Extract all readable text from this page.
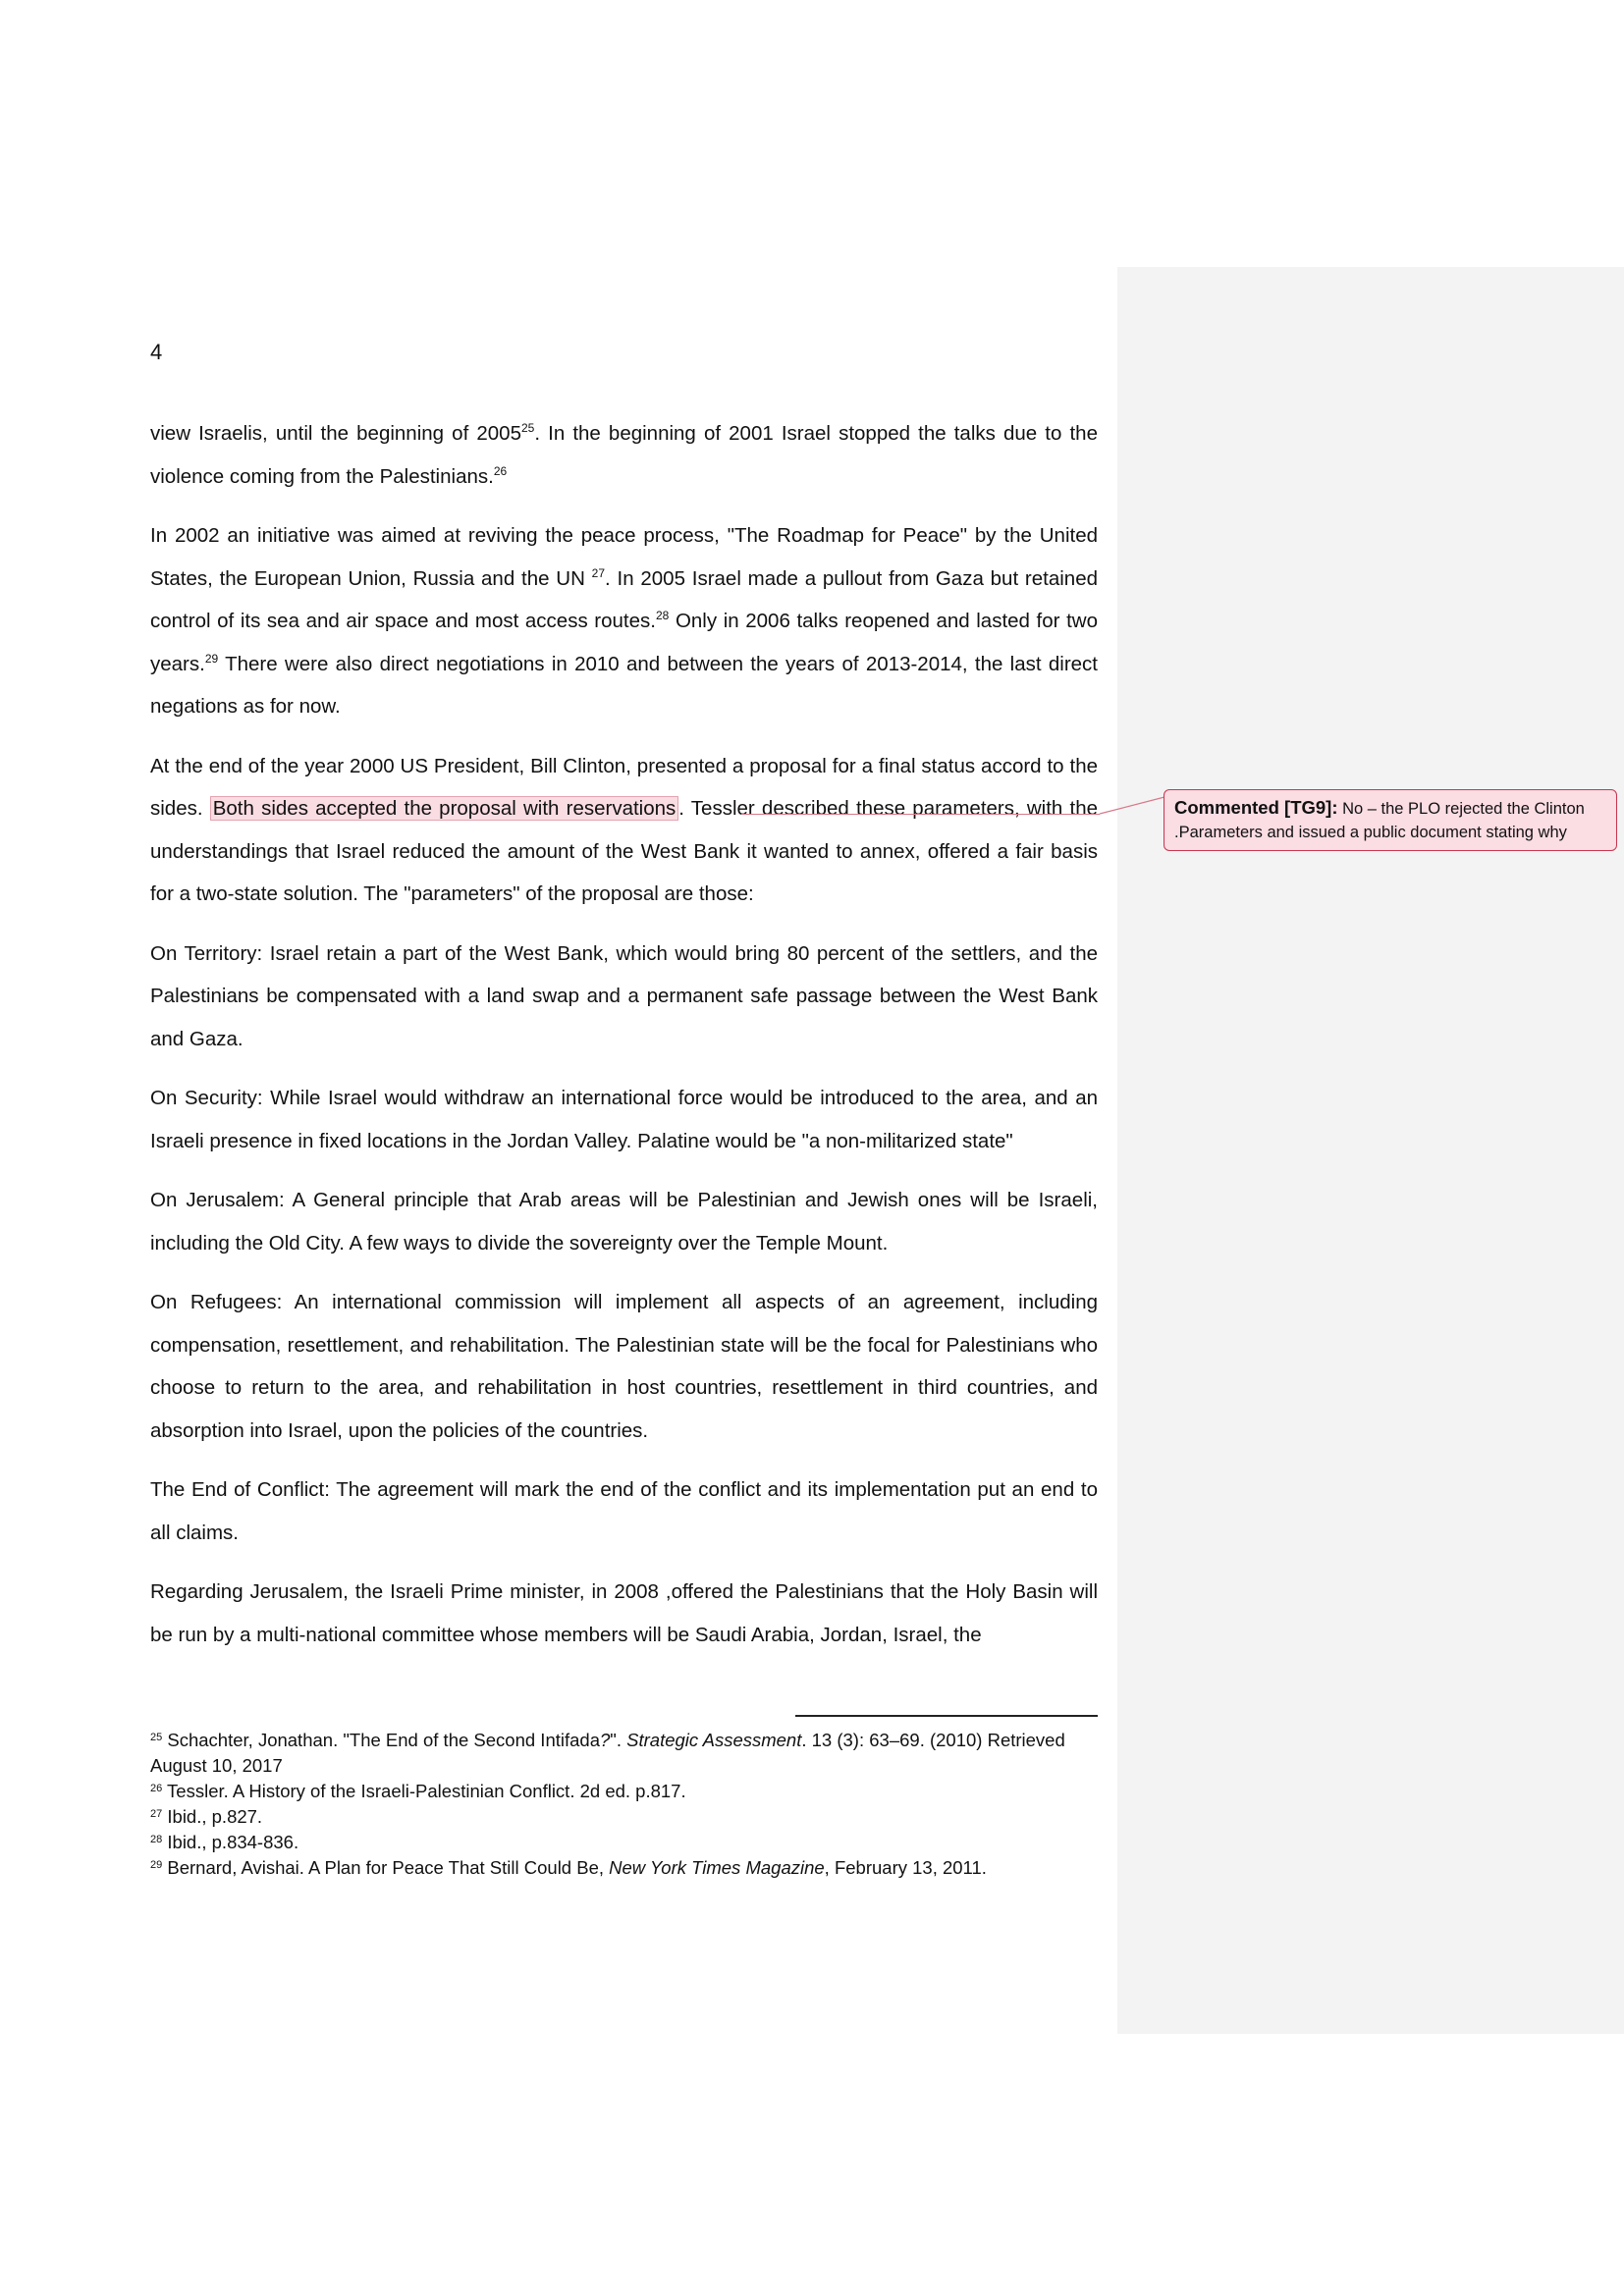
4

view Israelis, until the beginning of 2005$^{25}$. In the beginning of 2001 Israel stopped the talks due to the violence coming from the Palestinians.$^{26}$

In 2002 an initiative was aimed at reviving the peace process, "The Roadmap for Peace" by the United States, the European Union, Russia and the UN $^{27}$. In 2005 Israel made a pullout from Gaza but retained control of its sea and air space and most access routes.$^{28}$ Only in 2006 talks reopened and lasted for two years.$^{29}$ There were also direct negotiations in 2010 and between the years of 2013-2014, the last direct negations as for now.

At the end of the year 2000 US President, Bill Clinton, presented a proposal for a final status accord to the sides. Both sides accepted the proposal with reservations . Tessler described these parameters, with the understandings that Israel reduced the amount of the West Bank it wanted to annex, offered a fair basis for a two-state solution. The "parameters" of the proposal are those:

On Territory: Israel retain a part of the West Bank, which would bring 80 percent of the settlers, and the Palestinians be compensated with a land swap and a permanent safe passage between the West Bank and Gaza.

On Security: While Israel would withdraw an international force would be introduced to the area, and an Israeli presence in fixed locations in the Jordan Valley. Palatine would be "a non-militarized state"

On Jerusalem: A General principle that Arab areas will be Palestinian and Jewish ones will be Israeli, including the Old City. A few ways to divide the sovereignty over the Temple Mount.

On Refugees: An international commission will implement all aspects of an agreement, including compensation, resettlement, and rehabilitation. The Palestinian state will be the focal for Palestinians who choose to return to the area, and rehabilitation in host countries, resettlement in third countries, and absorption into Israel, upon the policies of the countries.

The End of Conflict: The agreement will mark the end of the conflict and its implementation put an end to all claims.

Regarding Jerusalem, the Israeli Prime minister, in 2008 ,offered the Palestinians that the Holy Basin will be run by a multi-national committee whose members will be Saudi Arabia, Jordan, Israel, the

Commented [TG9]: No – the PLO rejected the Clinton Parameters and issued a public document stating why.

$^{25}$ Schachter, Jonathan. "The End of the Second Intifada?". Strategic Assessment. 13 (3): 63–69. (2010) Retrieved August 10, 2017

$^{26}$ Tessler. A History of the Israeli-Palestinian Conflict. 2d ed. p.817.

$^{27}$ Ibid., p.827.

$^{28}$ Ibid., p.834-836.

$^{29}$ Bernard, Avishai. A Plan for Peace That Still Could Be, New York Times Magazine, February 13, 2011.
